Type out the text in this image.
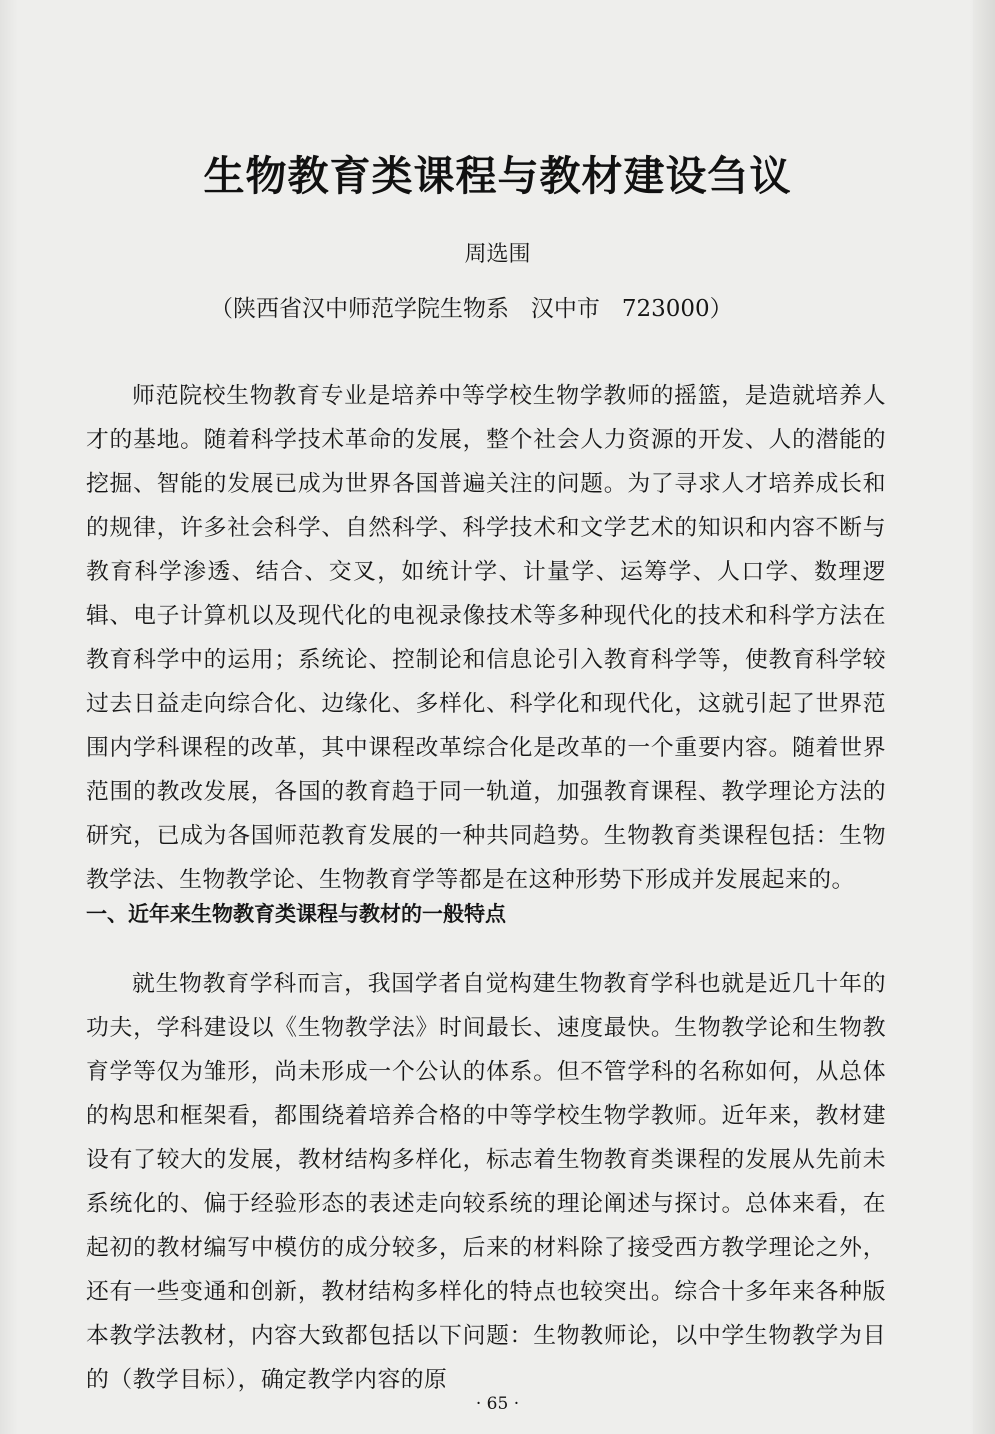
生物教育类课程与教材建设刍议
周选围
（陕西省汉中师范学院生物系   汉中市   723000）

师范院校生物教育专业是培养中等学校生物学教师的摇篮，是造就培养人才的基地。随着科学技术革命的发展，整个社会人力资源的开发、人的潜能的挖掘、智能的发展已成为世界各国普遍关注的问题。为了寻求人才培养成长和的规律，许多社会科学、自然科学、科学技术和文学艺术的知识和内容不断与教育科学渗透、结合、交叉，如统计学、计量学、运筹学、人口学、数理逻辑、电子计算机以及现代化的电视录像技术等多种现代化的技术和科学方法在教育科学中的运用；系统论、控制论和信息论引入教育科学等，使教育科学较过去日益走向综合化、边缘化、多样化、科学化和现代化，这就引起了世界范围内学科课程的改革，其中课程改革综合化是改革的一个重要内容。随着世界范围的教改发展，各国的教育趋于同一轨道，加强教育课程、教学理论方法的研究，已成为各国师范教育发展的一种共同趋势。生物教育类课程包括：生物教学法、生物教学论、生物教育学等都是在这种形势下形成并发展起来的。

一、近年来生物教育类课程与教材的一般特点

就生物教育学科而言，我国学者自觉构建生物教育学科也就是近几十年的功夫，学科建设以《生物教学法》时间最长、速度最快。生物教学论和生物教育学等仅为雏形，尚未形成一个公认的体系。但不管学科的名称如何，从总体的构思和框架看，都围绕着培养合格的中等学校生物学教师。近年来，教材建设有了较大的发展，教材结构多样化，标志着生物教育类课程的发展从先前未系统化的、偏于经验形态的表述走向较系统的理论阐述与探讨。总体来看，在起初的教材编写中模仿的成分较多，后来的材料除了接受西方教学理论之外，还有一些变通和创新，教材结构多样化的特点也较突出。综合十多年来各种版本教学法教材，内容大致都包括以下问题：生物教师论，以中学生物教学为目的（教学目标），确定教学内容的原

· 65 ·
